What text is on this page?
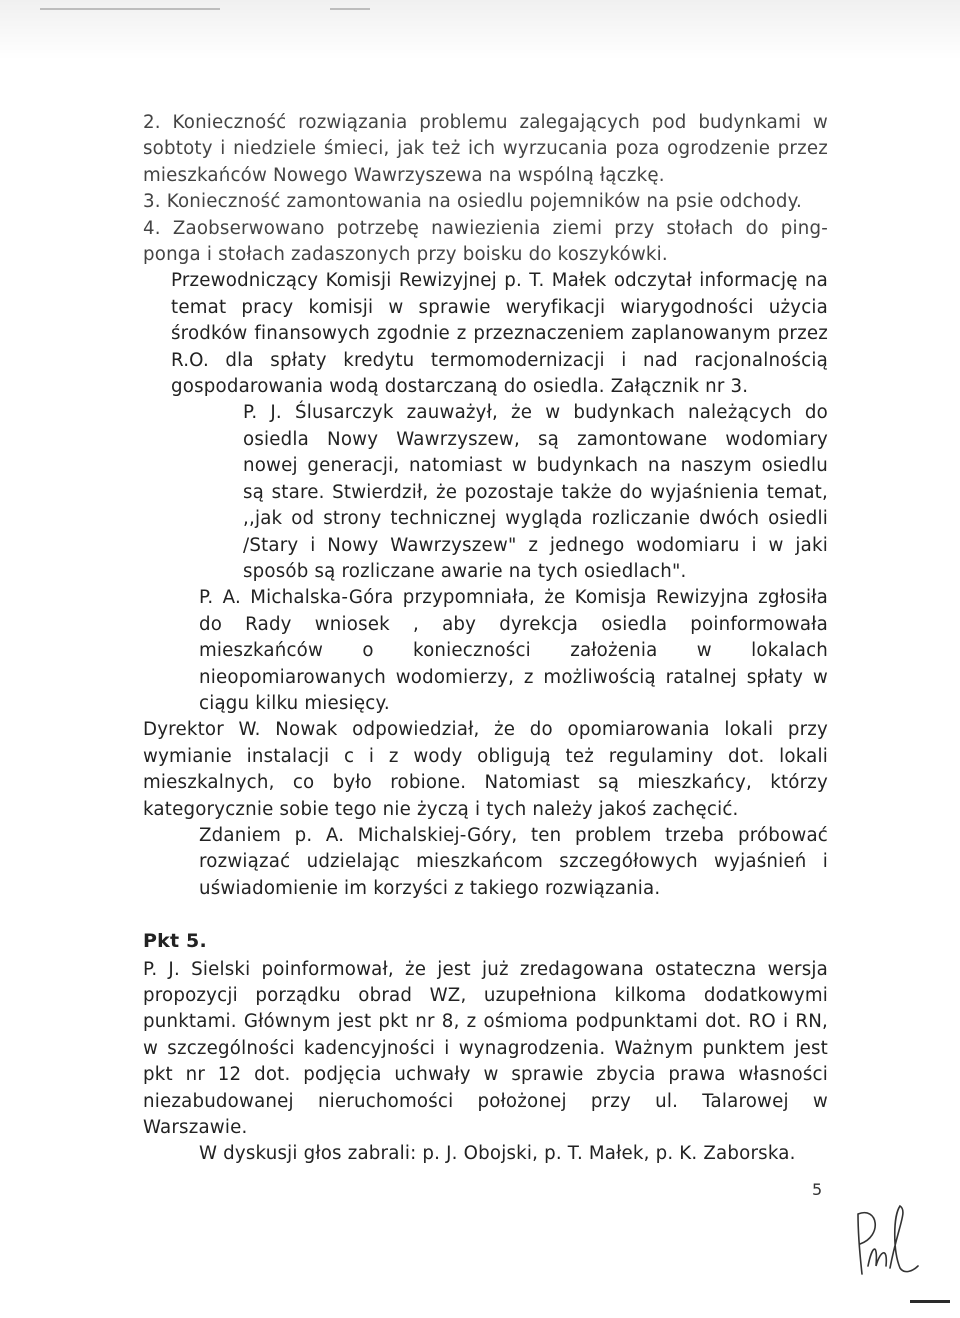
2. Konieczność rozwiązania problemu zalegających pod budynkami w sobtoty i niedziele śmieci, jak też ich wyrzucania poza ogrodzenie przez mieszkańców Nowego Wawrzyszewa na wspólną łączkę.

3. Konieczność zamontowania na osiedlu pojemników na psie odchody.

4. Zaobserwowano potrzebę nawiezienia ziemi przy stołach do ping-ponga i stołach zadaszonych przy boisku do koszykówki.

Przewodniczący Komisji Rewizyjnej p. T. Małek odczytał informację na temat pracy komisji w sprawie weryfikacji wiarygodności użycia środków finansowych zgodnie z przeznaczeniem zaplanowanym przez R.O. dla spłaty kredytu termomodernizacji i nad racjonalnością gospodarowania wodą dostarczaną do osiedla. Załącznik nr 3.

P. J. Ślusarczyk zauważył, że w budynkach należących do osiedla Nowy Wawrzyszew, są zamontowane wodomiary nowej generacji, natomiast w budynkach na naszym osiedlu są stare. Stwierdził, że pozostaje także do wyjaśnienia temat, ,,jak od strony technicznej wygląda rozliczanie dwóch osiedli /Stary i Nowy Wawrzyszew" z jednego wodomiaru i w jaki sposób są rozliczane awarie na tych osiedlach".

P. A. Michalska-Góra przypomniała, że Komisja Rewizyjna zgłosiła do Rady wniosek , aby dyrekcja osiedla poinformowała mieszkańców o konieczności założenia w lokalach nieopomiarowanych wodomierzy, z możliwością ratalnej spłaty w ciągu kilku miesięcy.

Dyrektor W. Nowak odpowiedział, że do opomiarowania lokali przy wymianie instalacji c i z wody obligują też regulaminy dot. lokali mieszkalnych, co było robione. Natomiast są mieszkańcy, którzy kategorycznie sobie tego nie życzą i tych należy jakoś zachęcić.

Zdaniem p. A. Michalskiej-Góry, ten problem trzeba próbować rozwiązać udzielając mieszkańcom szczegółowych wyjaśnień i uświadomienie im korzyści z takiego rozwiązania.

Pkt 5.

P. J. Sielski poinformował, że jest już zredagowana ostateczna wersja propozycji porządku obrad WZ, uzupełniona kilkoma dodatkowymi punktami. Głównym jest pkt nr 8, z ośmioma podpunktami dot. RO i RN, w szczególności kadencyjności i wynagrodzenia. Ważnym punktem jest pkt nr 12 dot. podjęcia uchwały w sprawie zbycia prawa własności niezabudowanej nieruchomości położonej przy ul. Talarowej w Warszawie.

W dyskusji głos zabrali: p. J. Obojski, p. T. Małek, p. K. Zaborska.

5
